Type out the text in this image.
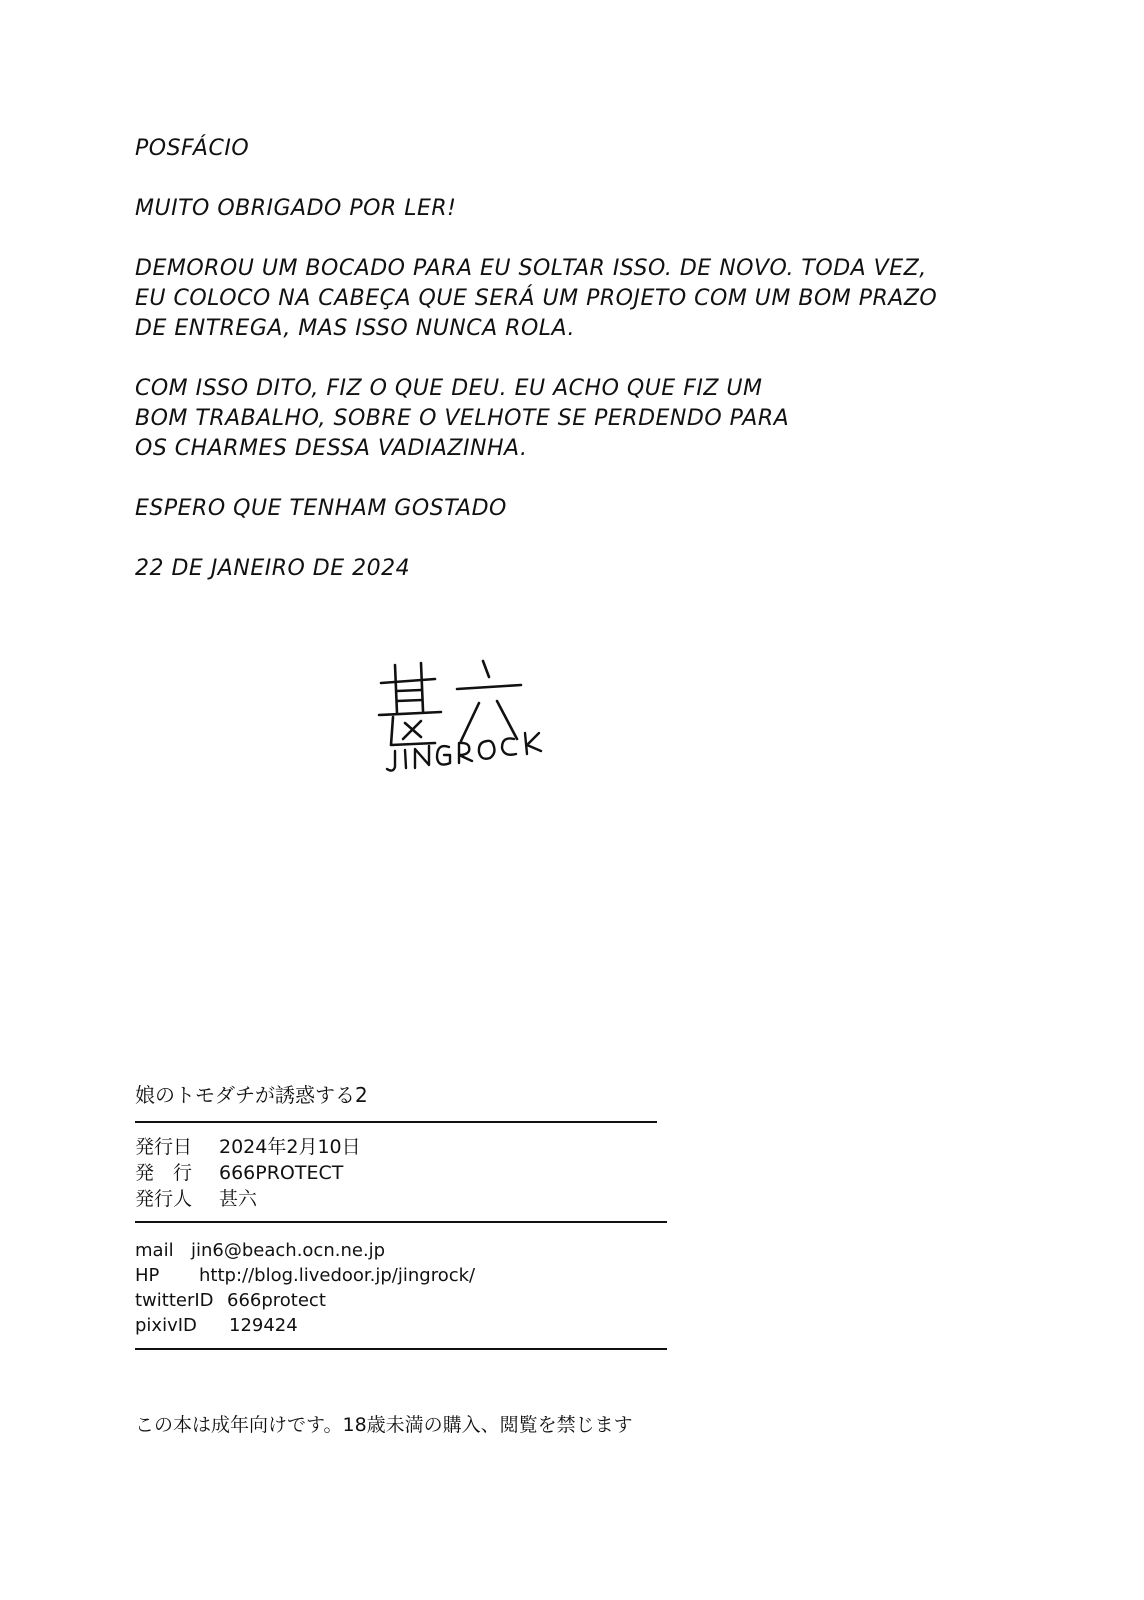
POSFÁCIO
MUITO OBRIGADO POR LER!
DEMOROU UM BOCADO PARA EU SOLTAR ISSO. DE NOVO. TODA VEZ,
EU COLOCO NA CABEÇA QUE SERÁ UM PROJETO COM UM BOM PRAZO
DE ENTREGA, MAS ISSO NUNCA ROLA.
COM ISSO DITO, FIZ O QUE DEU. EU ACHO QUE FIZ UM
BOM TRABALHO, SOBRE O VELHOTE SE PERDENDO PARA
OS CHARMES DESSA VADIAZINHA.
ESPERO QUE TENHAM GOSTADO
22 DE JANEIRO DE 2024
娘のトモダチが誘惑する2
発行日	2024年2月10日
発　行	666PROTECT
発行人	甚六
mail jin6@beach.ocn.ne.jp
HP	http://blog.livedoor.jp/jingrock/
twitterID 666protect
pixivID	129424
この本は成年向けです。18歳未満の購入、閲覧を禁じます
